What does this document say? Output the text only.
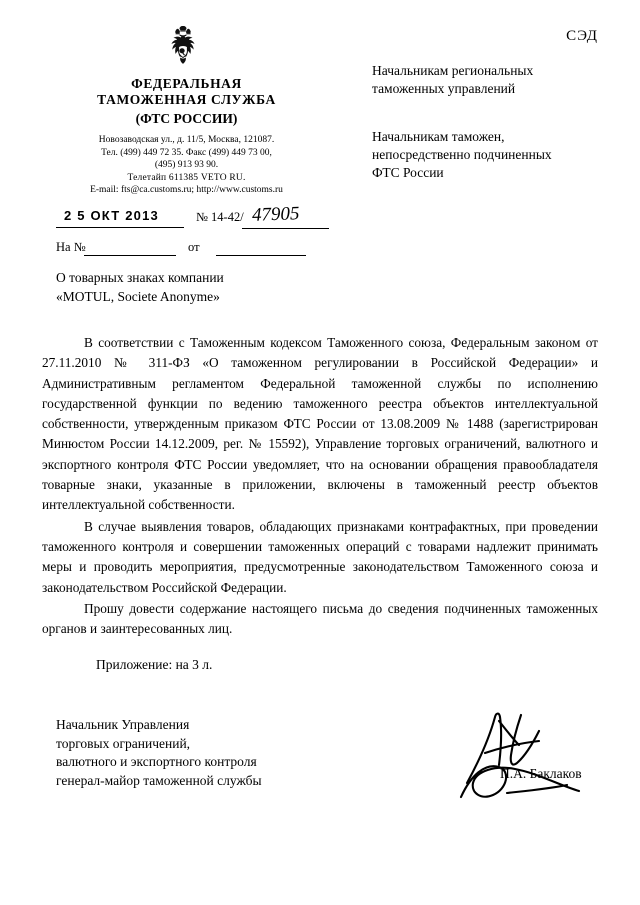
СЭД
ФЕДЕРАЛЬНАЯ
ТАМОЖЕННАЯ СЛУЖБА
(ФТС РОССИИ)
Новозаводская ул., д. 11/5, Москва, 121087.
Тел. (499) 449 72 35. Факс (499) 449 73 00,
(495) 913 93 90.
Телетайп 611385 VETO RU.
E-mail: fts@ca.customs.ru; http://www.customs.ru
2 5 ОКТ 2013	№ 14-42/ 47905
На №	от
Начальникам региональных
таможенных управлений
Начальникам таможен,
непосредственно подчиненных
ФТС России
О товарных знаках компании
«MOTUL, Societe Anonyme»

В соответствии с Таможенным кодексом Таможенного союза, Федеральным законом от 27.11.2010 № 311-ФЗ «О таможенном регулировании в Российской Федерации» и Административным регламентом Федеральной таможенной службы по исполнению государственной функции по ведению таможенного реестра объектов интеллектуальной собственности, утвержденным приказом ФТС России от 13.08.2009 № 1488 (зарегистрирован Минюстом России 14.12.2009, рег. № 15592), Управление торговых ограничений, валютного и экспортного контроля ФТС России уведомляет, что на основании обращения правообладателя товарные знаки, указанные в приложении, включены в таможенный реестр объектов интеллектуальной собственности.

В случае выявления товаров, обладающих признаками контрафактных, при проведении таможенного контроля и совершении таможенных операций с товарами надлежит принимать меры и проводить мероприятия, предусмотренные законодательством Таможенного союза и законодательством Российской Федерации.

Прошу довести содержание настоящего письма до сведения подчиненных таможенных органов и заинтересованных лиц.

Приложение: на 3 л.
Начальник Управления
торговых ограничений,
валютного и экспортного контроля
генерал-майор таможенной службы	П.А. Баклаков
